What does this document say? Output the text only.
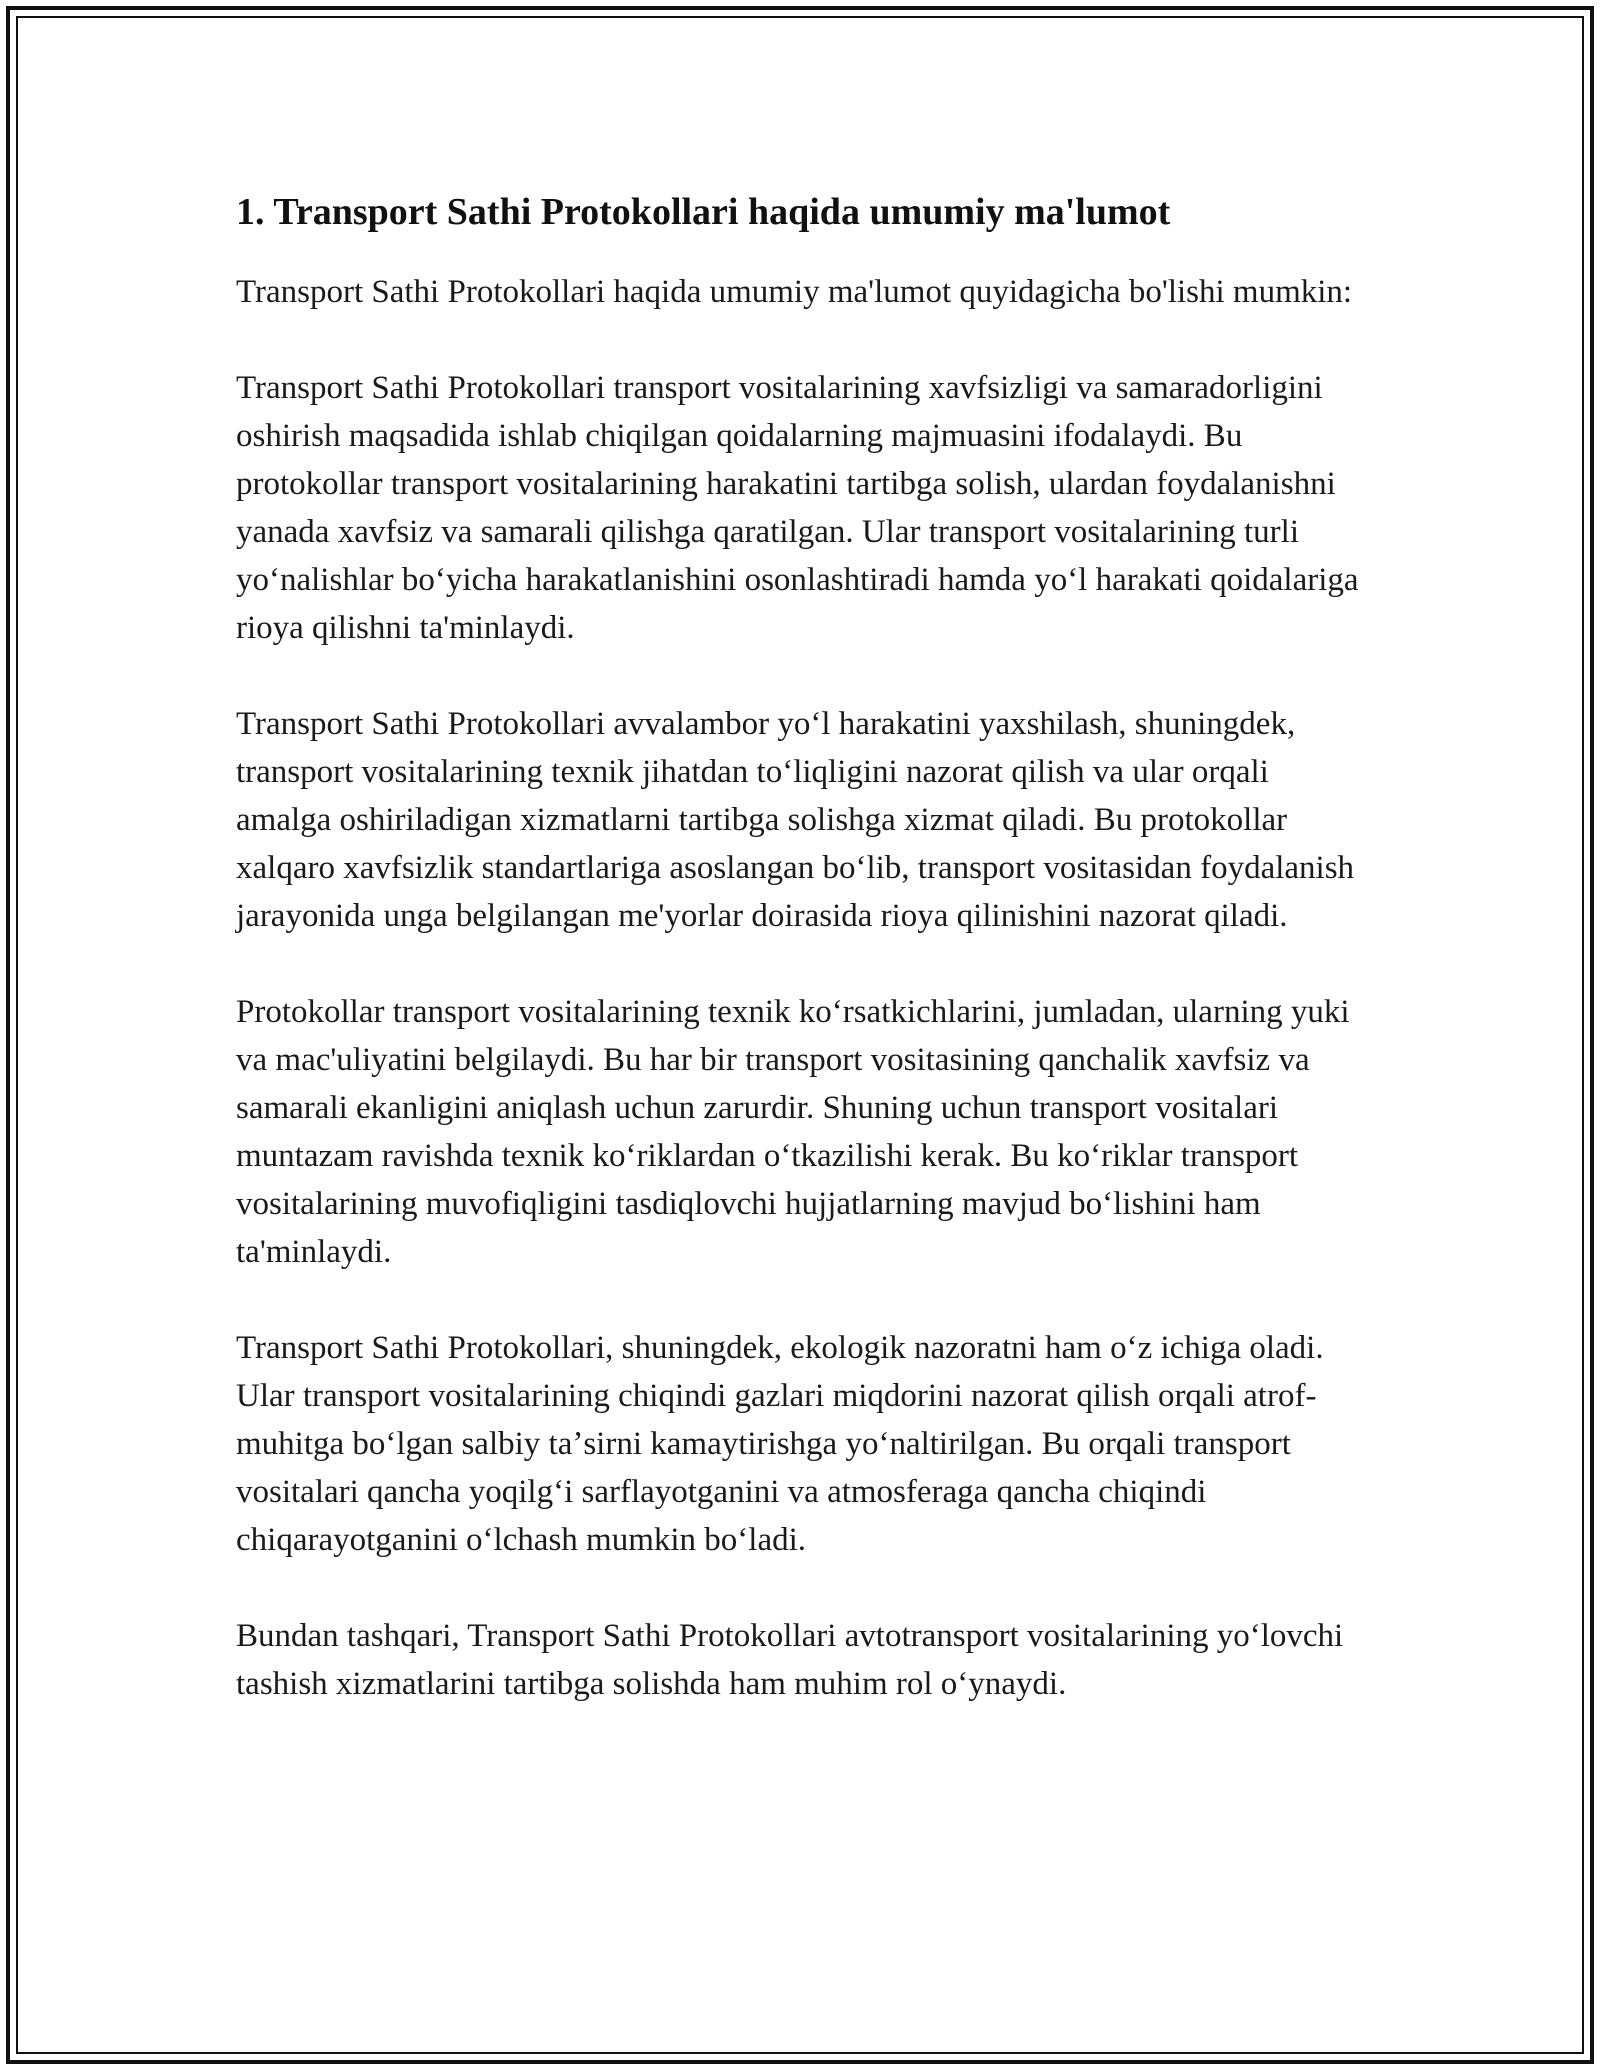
1. Transport Sathi Protokollari haqida umumiy ma'lumot

Transport Sathi Protokollari haqida umumiy ma'lumot quyidagicha bo'lishi mumkin:

Transport Sathi Protokollari transport vositalarining xavfsizligi va samaradorligini oshirish maqsadida ishlab chiqilgan qoidalarning majmuasini ifodalaydi. Bu protokollar transport vositalarining harakatini tartibga solish, ulardan foydalanishni yanada xavfsiz va samarali qilishga qaratilgan. Ular transport vositalarining turli yoʻnalishlar boʻyicha harakatlanishini osonlashtiradi hamda yoʻl harakati qoidalariga rioya qilishni ta'minlaydi.

Transport Sathi Protokollari avvalambor yoʻl harakatini yaxshilash, shuningdek, transport vositalarining texnik jihatdan toʻliqligini nazorat qilish va ular orqali amalga oshiriladigan xizmatlarni tartibga solishga xizmat qiladi. Bu protokollar xalqaro xavfsizlik standartlariga asoslangan boʻlib, transport vositasidan foydalanish jarayonida unga belgilangan me'yorlar doirasida rioya qilinishini nazorat qiladi.

Protokollar transport vositalarining texnik koʻrsatkichlarini, jumladan, ularning yuki va mac'uliyatini belgilaydi. Bu har bir transport vositasining qanchalik xavfsiz va samarali ekanligini aniqlash uchun zarurdir. Shuning uchun transport vositalari muntazam ravishda texnik koʻriklardan oʻtkazilishi kerak. Bu koʻriklar transport vositalarining muvofiqligini tasdiqlovchi hujjatlarning mavjud boʻlishini ham ta'minlaydi.

Transport Sathi Protokollari, shuningdek, ekologik nazoratni ham oʻz ichiga oladi. Ular transport vositalarining chiqindi gazlari miqdorini nazorat qilish orqali atrof-muhitga boʻlgan salbiy taʼsirni kamaytirishga yoʻnaltirilgan. Bu orqali transport vositalari qancha yoqilgʻi sarflayotganini va atmosferaga qancha chiqindi chiqarayotganini oʻlchash mumkin boʻladi.

Bundan tashqari, Transport Sathi Protokollari avtotransport vositalarining yoʻlovchi tashish xizmatlarini tartibga solishda ham muhim rol oʻynaydi.
